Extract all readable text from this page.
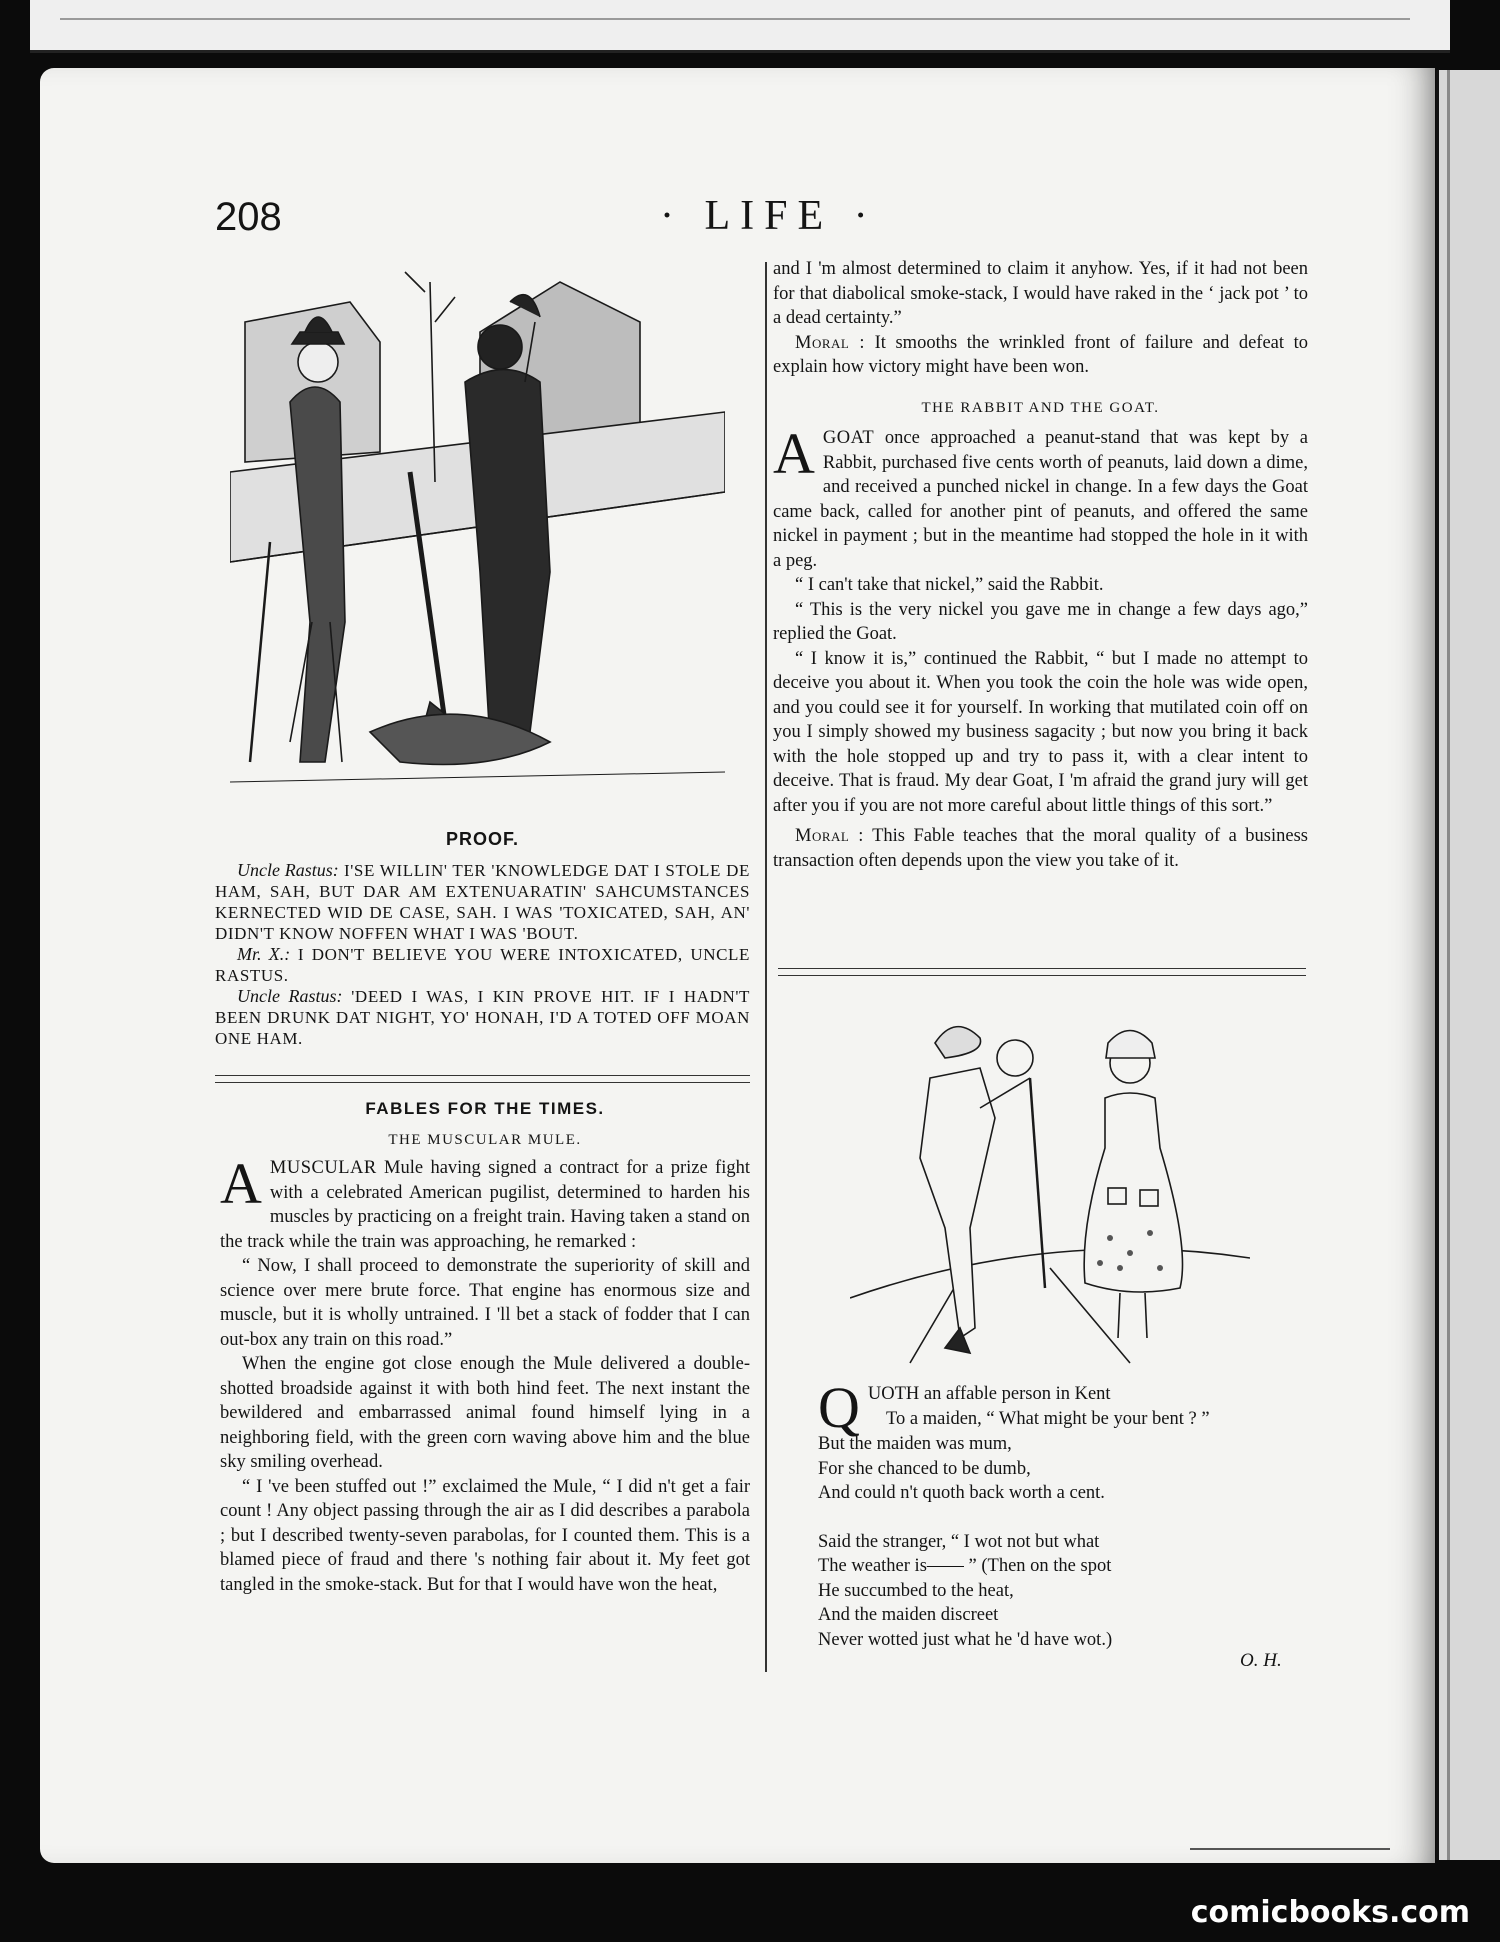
208	· LIFE ·

PROOF.

Uncle Rastus: I'SE WILLIN' TER 'KNOWLEDGE DAT I STOLE DE HAM, SAH, BUT DAR AM EXTENUARATIN' SAHCUMSTANCES KERNECTED WID DE CASE, SAH. I WAS 'TOXICATED, SAH, AN' DIDN'T KNOW NOFFEN WHAT I WAS 'BOUT.

Mr. X.: I DON'T BELIEVE YOU WERE INTOXICATED, UNCLE RASTUS.

Uncle Rastus: 'DEED I WAS, I KIN PROVE HIT. IF I HADN'T BEEN DRUNK DAT NIGHT, YO' HONAH, I'D A TOTED OFF MOAN ONE HAM.

FABLES FOR THE TIMES.
THE MUSCULAR MULE.

AMUSCULAR Mule having signed a contract for a prize fight with a celebrated American pugilist, determined to harden his muscles by practicing on a freight train. Having taken a stand on the track while the train was approaching, he remarked :

“ Now, I shall proceed to demonstrate the superiority of skill and science over mere brute force. That engine has enormous size and muscle, but it is wholly untrained. I 'll bet a stack of fodder that I can out-box any train on this road.”

When the engine got close enough the Mule delivered a double-shotted broadside against it with both hind feet. The next instant the bewildered and embarrassed animal found himself lying in a neighboring field, with the green corn waving above him and the blue sky smiling overhead.

“ I 've been stuffed out !” exclaimed the Mule, “ I did n't get a fair count ! Any object passing through the air as I did describes a parabola ; but I described twenty-seven parabolas, for I counted them. This is a blamed piece of fraud and there 's nothing fair about it. My feet got tangled in the smoke-stack. But for that I would have won the heat,

and I 'm almost determined to claim it anyhow. Yes, if it had not been for that diabolical smoke-stack, I would have raked in the ‘ jack pot ’ to a dead certainty.”

Moral : It smooths the wrinkled front of failure and defeat to explain how victory might have been won.

THE RABBIT AND THE GOAT.

AGOAT once approached a peanut-stand that was kept by a Rabbit, purchased five cents worth of peanuts, laid down a dime, and received a punched nickel in change. In a few days the Goat came back, called for another pint of peanuts, and offered the same nickel in payment ; but in the meantime had stopped the hole in it with a peg.

“ I can't take that nickel,” said the Rabbit.

“ This is the very nickel you gave me in change a few days ago,” replied the Goat.

“ I know it is,” continued the Rabbit, “ but I made no attempt to deceive you about it. When you took the coin the hole was wide open, and you could see it for yourself. In working that mutilated coin off on you I simply showed my business sagacity ; but now you bring it back with the hole stopped up and try to pass it, with a clear intent to deceive. That is fraud. My dear Goat, I 'm afraid the grand jury will get after you if you are not more careful about little things of this sort.”

Moral : This Fable teaches that the moral quality of a business transaction often depends upon the view you take of it.

QUOTH an affable person in Kent
To a maiden, “ What might be your bent ? ”
But the maiden was mum,
For she chanced to be dumb,
And could n't quoth back worth a cent.
Said the stranger, “ I wot not but what
The weather is—— ” (Then on the spot
He succumbed to the heat,
And the maiden discreet
Never wotted just what he 'd have wot.)
O. H.
comicbooks.com
